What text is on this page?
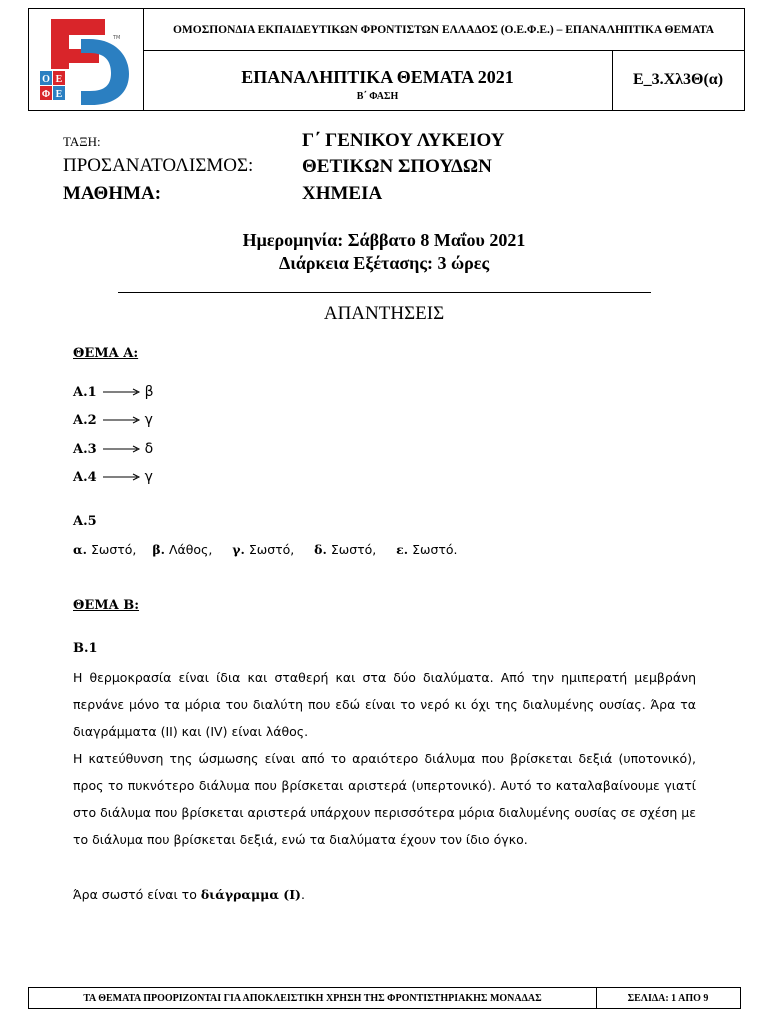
TM
Ο Ε
Φ Ε
ΟΜΟΣΠΟΝΔΙΑ ΕΚΠΑΙΔΕΥΤΙΚΩΝ ΦΡΟΝΤΙΣΤΩΝ ΕΛΛΑΔΟΣ (Ο.Ε.Φ.Ε.) – ΕΠΑΝΑΛΗΠΤΙΚΑ ΘΕΜΑΤΑ
ΕΠΑΝΑΛΗΠΤΙΚΑ ΘΕΜΑΤΑ 2021
Β΄ ΦΑΣΗ
Ε_3.Χλ3Θ(α)
ΤΑΞΗ:	Γ΄ ΓΕΝΙΚΟΥ ΛΥΚΕΙΟΥ
ΠΡΟΣΑΝΑΤΟΛΙΣΜΟΣ:	ΘΕΤΙΚΩΝ ΣΠΟΥΔΩΝ
ΜΑΘΗΜΑ:	ΧΗΜΕΙΑ
Ημερομηνία: Σάββατο 8 Μαΐου 2021
Διάρκεια Εξέτασης: 3 ώρες
ΑΠΑΝΤΗΣΕΙΣ
ΘΕΜΑ Α:
Α.1	β
Α.2	γ
Α.3	δ
Α.4	γ
Α.5
α. Σωστό, β. Λάθος, γ. Σωστό, δ. Σωστό, ε. Σωστό.
ΘΕΜΑ Β:
Β.1
Η θερμοκρασία είναι ίδια και σταθερή και στα δύο διαλύματα. Από την ημιπερατή μεμβράνη περνάνε μόνο τα μόρια του διαλύτη που εδώ είναι το νερό κι όχι της διαλυμένης ουσίας. Άρα τα διαγράμματα (ΙΙ) και (IV) είναι λάθος.
Η κατεύθυνση της ώσμωσης είναι από το αραιότερο διάλυμα που βρίσκεται δεξιά (υποτονικό), προς το πυκνότερο διάλυμα που βρίσκεται αριστερά (υπερτονικό). Αυτό το καταλαβαίνουμε γιατί στο διάλυμα που βρίσκεται αριστερά υπάρχουν περισσότερα μόρια διαλυμένης ουσίας σε σχέση με το διάλυμα που βρίσκεται δεξιά, ενώ τα διαλύματα έχουν τον ίδιο όγκο.
Άρα σωστό είναι το διάγραμμα (Ι).
ΤΑ ΘΕΜΑΤΑ ΠΡΟΟΡΙΖΟΝΤΑΙ ΓΙΑ ΑΠΟΚΛΕΙΣΤΙΚΗ ΧΡΗΣΗ ΤΗΣ ΦΡΟΝΤΙΣΤΗΡΙΑΚΗΣ ΜΟΝΑΔΑΣ	ΣΕΛΙΔΑ: 1 ΑΠΟ 9
